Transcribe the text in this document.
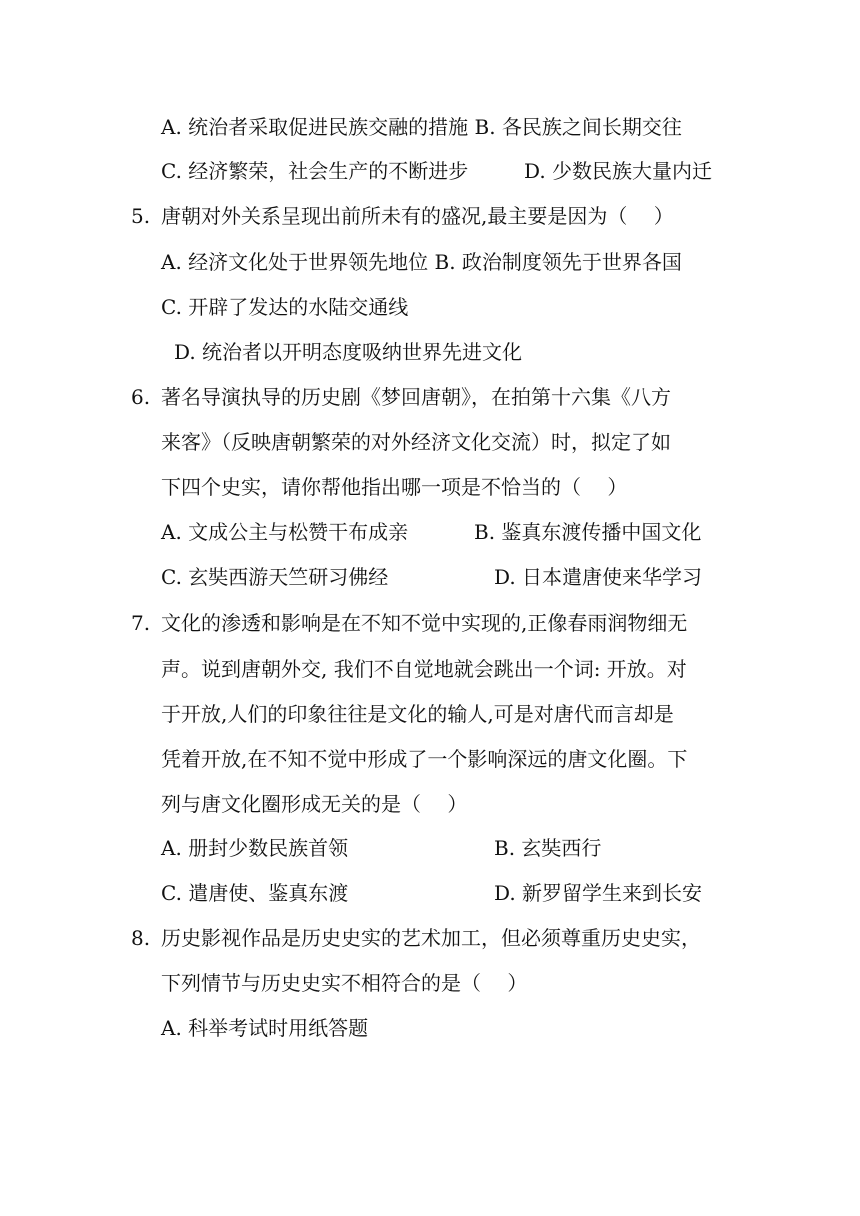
A. 统治者采取促进民族交融的措施 B. 各民族之间长期交往
C. 经济繁荣，社会生产的不断进步	D. 少数民族大量内迁
5. 唐朝对外关系呈现出前所未有的盛况,最主要是因为（　 ）
A. 经济文化处于世界领先地位 B. 政治制度领先于世界各国
C. 开辟了发达的水陆交通线
D. 统治者以开明态度吸纳世界先进文化
6. 著名导演执导的历史剧《梦回唐朝》，在拍第十六集《八方
来客》（反映唐朝繁荣的对外经济文化交流）时，拟定了如
下四个史实，请你帮他指出哪一项是不恰当的（　 ）
A. 文成公主与松赞干布成亲	B. 鉴真东渡传播中国文化
C. 玄奘西游天竺研习佛经	D. 日本遣唐使来华学习
7. 文化的渗透和影响是在不知不觉中实现的,正像春雨润物细无
声。说到唐朝外交, 我们不自觉地就会跳出一个词: 开放。对
于开放,人们的印象往往是文化的输人,可是对唐代而言却是
凭着开放,在不知不觉中形成了一个影响深远的唐文化圈。下
列与唐文化圈形成无关的是（　 ）
A. 册封少数民族首领	B. 玄奘西行
C. 遣唐使、鉴真东渡	D. 新罗留学生来到长安
8. 历史影视作品是历史史实的艺术加工，但必须尊重历史史实，
下列情节与历史史实不相符合的是（　 ）
A. 科举考试时用纸答题
